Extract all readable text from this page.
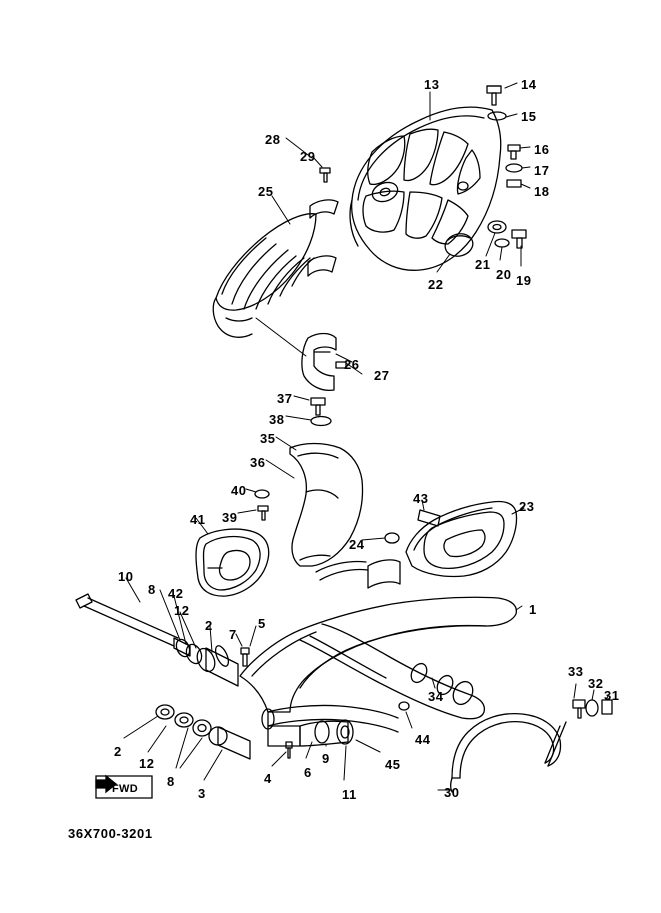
FWD
36X700-3201
13	14
15
16
17
18
19
20
21
22
28
29
25
26
27
37
38
35
36
40
39
41
43
23
24
10
8 42
12
2
7
5
1
33
32
31
34
44
45
2
12
8
3
4 6
9
11	30
